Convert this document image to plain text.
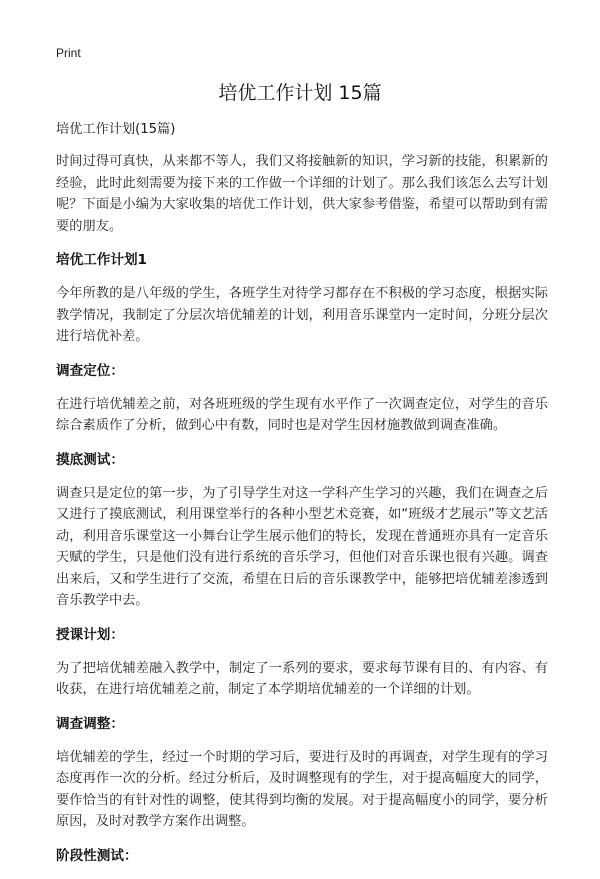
Print
培优工作计划 15篇

培优工作计划(15篇)

时间过得可真快，从来都不等人，我们又将接触新的知识，学习新的技能，积累新的经验，此时此刻需要为接下来的工作做一个详细的计划了。那么我们该怎么去写计划呢？下面是小编为大家收集的培优工作计划，供大家参考借鉴，希望可以帮助到有需要的朋友。

培优工作计划1

今年所教的是八年级的学生，各班学生对待学习都存在不积极的学习态度，根据实际教学情况，我制定了分层次培优辅差的计划，利用音乐课堂内一定时间，分班分层次进行培优补差。

调查定位：

在进行培优辅差之前，对各班班级的学生现有水平作了一次调查定位，对学生的音乐综合素质作了分析，做到心中有数，同时也是对学生因材施教做到调查准确。

摸底测试：

调查只是定位的第一步，为了引导学生对这一学科产生学习的兴趣，我们在调查之后又进行了摸底测试，利用课堂举行的各种小型艺术竞赛，如“班级才艺展示”等文艺活动，利用音乐课堂这一小舞台让学生展示他们的特长，发现在普通班亦具有一定音乐天赋的学生，只是他们没有进行系统的音乐学习，但他们对音乐课也很有兴趣。调查出来后，又和学生进行了交流，希望在日后的音乐课教学中，能够把培优辅差渗透到音乐教学中去。

授课计划：

为了把培优辅差融入教学中，制定了一系列的要求，要求每节课有目的、有内容、有收获，在进行培优辅差之前，制定了本学期培优辅差的一个详细的计划。

调查调整：

培优辅差的学生，经过一个时期的学习后，要进行及时的再调查，对学生现有的学习态度再作一次的分析。经过分析后，及时调整现有的学生，对于提高幅度大的同学，要作恰当的有针对性的调整，使其得到均衡的发展。对于提高幅度小的同学，要分析原因，及时对教学方案作出调整。

阶段性测试：
